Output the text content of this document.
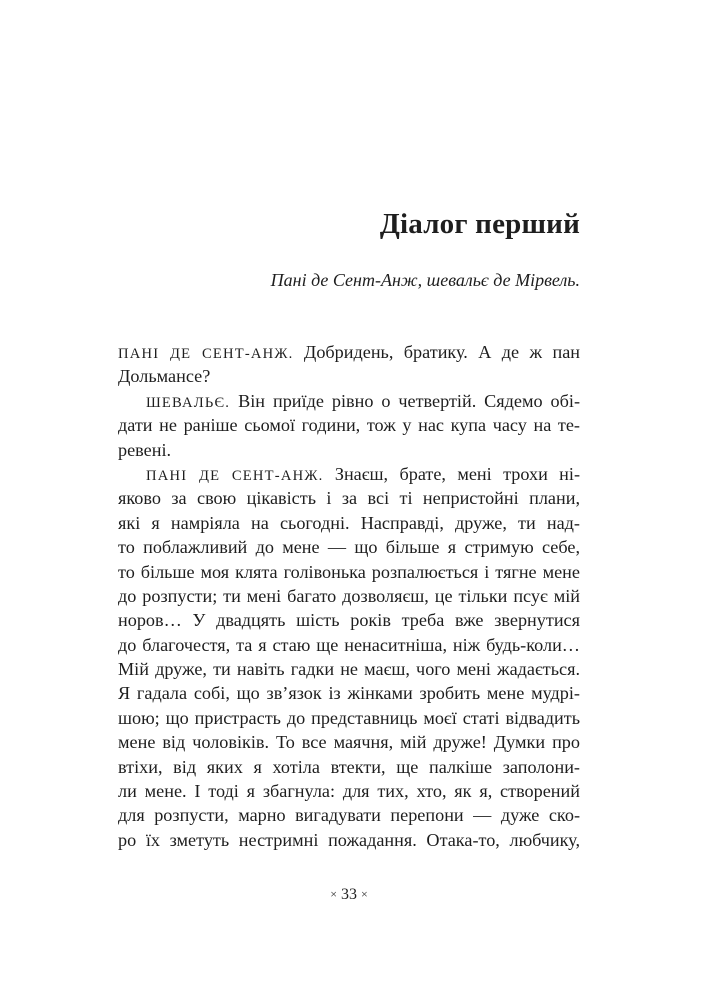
Діалог перший

Пані де Сент-Анж, шевальє де Мірвель.

ПАНІ ДЕ СЕНТ-АНЖ. Добридень, братику. А де ж пан
Дольмансе?
ШЕВАЛЬЄ. Він приїде рівно о четвертій. Сядемо обі-
дати не раніше сьомої години, тож у нас купа часу на те-
ревені.
ПАНІ ДЕ СЕНТ-АНЖ. Знаєш, брате, мені трохи ні-
яково за свою цікавість і за всі ті непристойні плани,
які я намріяла на сьогодні. Насправді, друже, ти над-
то поблажливий до мене — що більше я стримую себе,
то більше моя клята голівонька розпалюється і тягне мене
до розпусти; ти мені багато дозволяєш, це тільки псує мій
норов… У двадцять шість років треба вже звернутися
до благочестя, та я стаю ще ненаситніша, ніж будь-коли…
Мій друже, ти навіть гадки не маєш, чого мені жадається.
Я гадала собі, що зв’язок із жінками зробить мене мудрі-
шою; що пристрасть до представниць моєї статі відвадить
мене від чоловіків. То все маячня, мій друже! Думки про
втіхи, від яких я хотіла втекти, ще палкіше заполони-
ли мене. І тоді я збагнула: для тих, хто, як я, створений
для розпусти, марно вигадувати перепони — дуже ско-
ро їх зметуть нестримні пожадання. Отака-то, любчику,
× 33 ×
